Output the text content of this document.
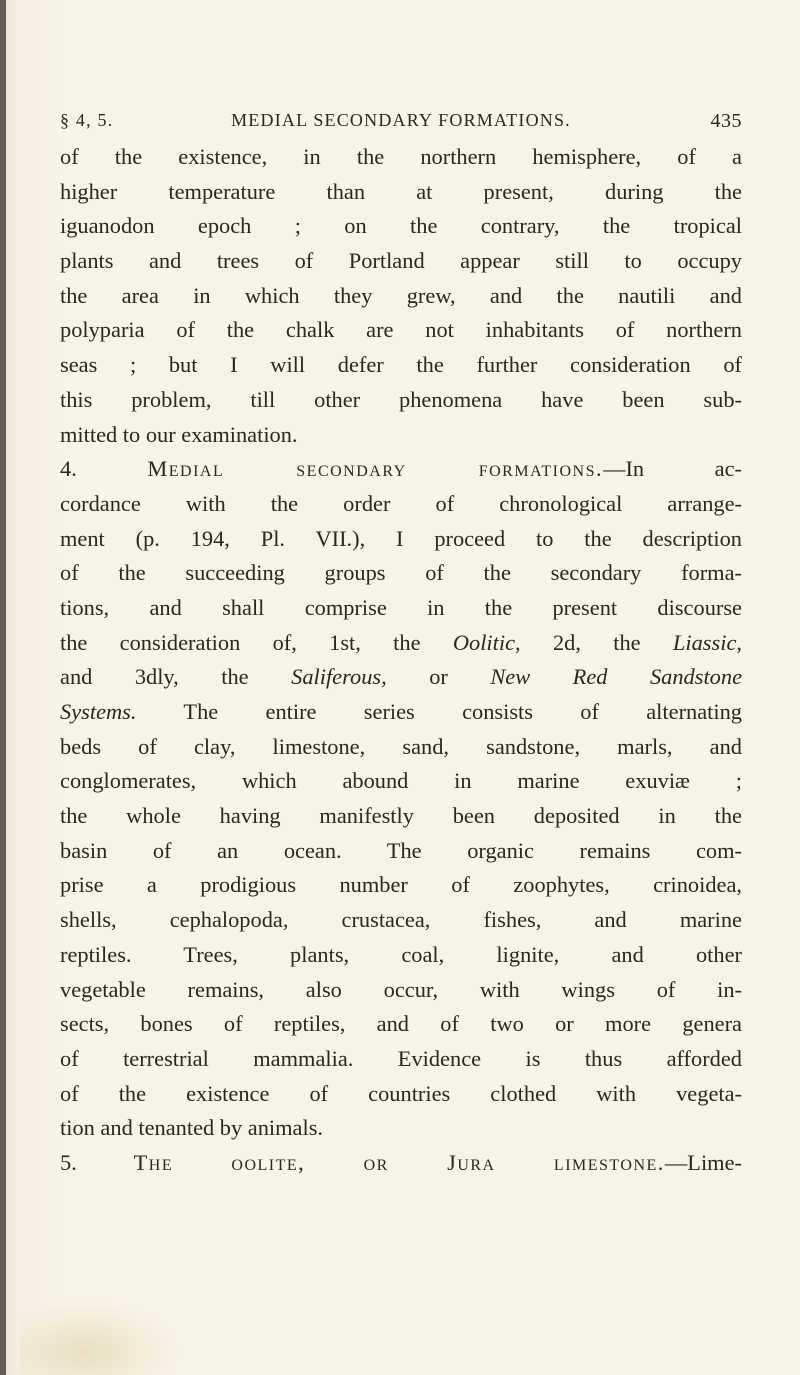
§ 4, 5.	MEDIAL SECONDARY FORMATIONS.	435
of the existence, in the northern hemisphere, of a
higher temperature than at present, during the
iguanodon epoch ; on the contrary, the tropical
plants and trees of Portland appear still to occupy
the area in which they grew, and the nautili and
polyparia of the chalk are not inhabitants of northern
seas ; but I will defer the further consideration of
this problem, till other phenomena have been sub-
mitted to our examination.
4.	Medial secondary formations.—In ac-
cordance with the order of chronological arrange-
ment (p. 194, Pl. VII.), I proceed to the description
of the succeeding groups of the secondary forma-
tions, and shall comprise in the present discourse
the consideration of, 1st, the Oolitic, 2d, the Liassic,
and 3dly, the Saliferous, or New Red Sandstone
Systems. The entire series consists of alternating
beds of clay, limestone, sand, sandstone, marls, and
conglomerates, which abound in marine exuviæ ;
the whole having manifestly been deposited in the
basin of an ocean. The organic remains com-
prise a prodigious number of zoophytes, crinoidea,
shells, cephalopoda, crustacea, fishes, and marine
reptiles. Trees, plants, coal, lignite, and other
vegetable remains, also occur, with wings of in-
sects, bones of reptiles, and of two or more genera
of terrestrial mammalia. Evidence is thus afforded
of the existence of countries clothed with vegeta-
tion and tenanted by animals.
5.	The oolite, or Jura limestone.—Lime-
